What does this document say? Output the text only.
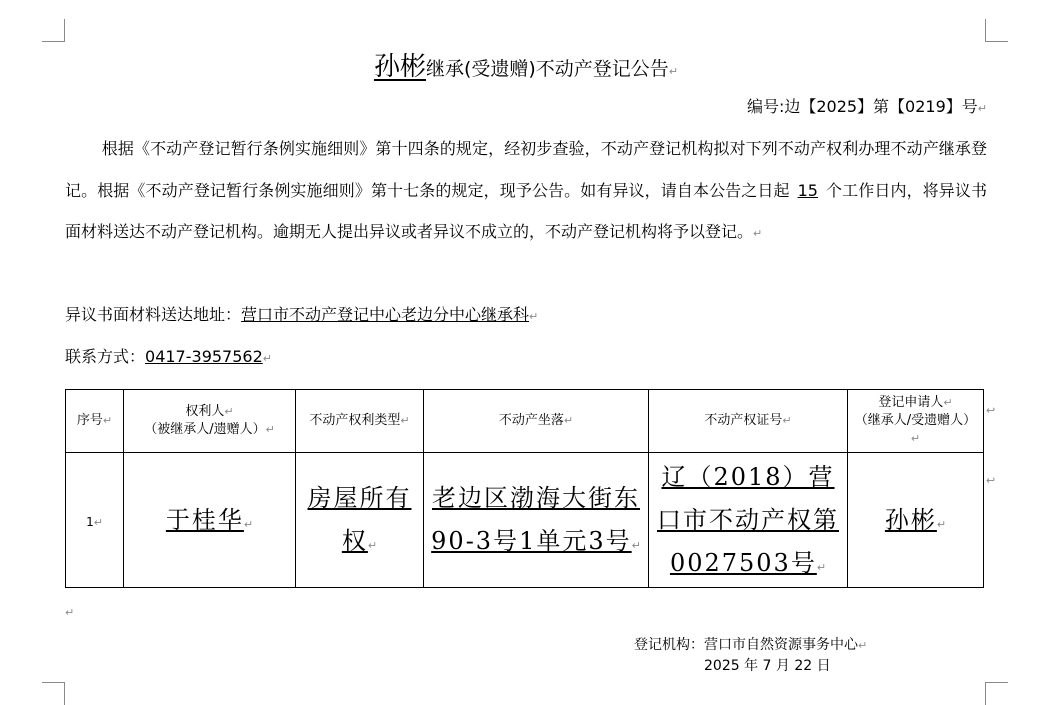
孙彬继承(受遗赠)不动产登记公告↵
编号:边【2025】第【0219】号↵
根据《不动产登记暂行条例实施细则》第十四条的规定，经初步查验，不动产登记机构拟对下列不动产权利办理不动产继承登记。根据《不动产登记暂行条例实施细则》第十七条的规定，现予公告。如有异议，请自本公告之日起 15 个工作日内，将异议书面材料送达不动产登记机构。逾期无人提出异议或者异议不成立的，不动产登记机构将予以登记。↵
异议书面材料送达地址：营口市不动产登记中心老边分中心继承科↵
联系方式：0417-3957562↵
序号↵	权利人↵
（被继承人/遗赠人）↵	不动产权利类型↵	不动产坐落↵	不动产权证号↵	登记申请人↵
（继承人/受遗赠人）↵
1↵	于桂华↵	房屋所有权↵	老边区渤海大街东90-3号1单元3号↵	辽（2018）营口市不动产权第0027503号↵	孙彬↵
↩
↩
↵
登记机构：营口市自然资源事务中心↵
2025 年 7 月 22 日
